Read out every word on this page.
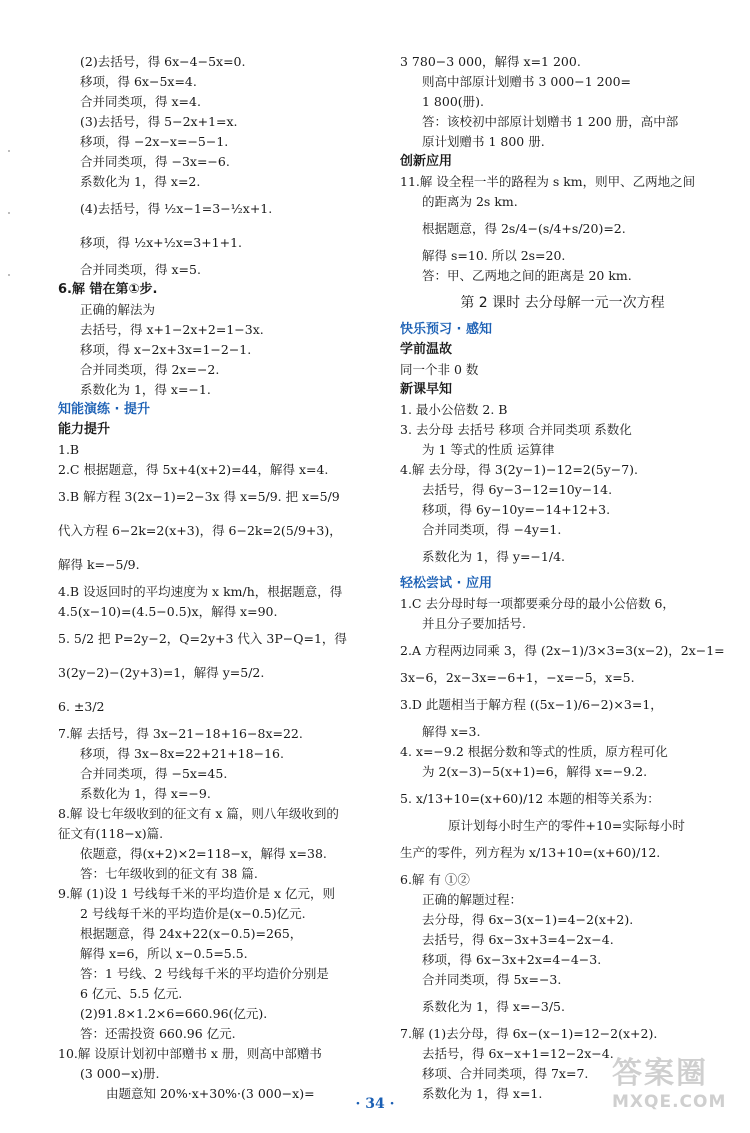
(2)去括号，得 6x−4−5x=0.
移项，得 6x−5x=4.
合并同类项，得 x=4.
(3)去括号，得 5−2x+1=x.
移项，得 −2x−x=−5−1.
合并同类项，得 −3x=−6.
系数化为 1，得 x=2.
(4)去括号，得 ½x−1=3−½x+1.
移项，得 ½x+½x=3+1+1.
合并同类项，得 x=5.
6.解 错在第①步.
正确的解法为
去括号，得 x+1−2x+2=1−3x.
移项，得 x−2x+3x=1−2−1.
合并同类项，得 2x=−2.
系数化为 1，得 x=−1.
知能演练 · 提升
能力提升
1.B
2.C 根据题意，得 5x+4(x+2)=44，解得 x=4.
3.B 解方程 3(2x−1)=2−3x 得 x=5/9. 把 x=5/9
代入方程 6−2k=2(x+3)，得 6−2k=2(5/9+3)，
解得 k=−5/9.
4.B 设返回时的平均速度为 x km/h，根据题意，得
4.5(x−10)=(4.5−0.5)x，解得 x=90.
5. 5/2 把 P=2y−2，Q=2y+3 代入 3P−Q=1，得
3(2y−2)−(2y+3)=1，解得 y=5/2.
6. ±3/2
7.解 去括号，得 3x−21−18+16−8x=22.
移项，得 3x−8x=22+21+18−16.
合并同类项，得 −5x=45.
系数化为 1，得 x=−9.
8.解 设七年级收到的征文有 x 篇，则八年级收到的
征文有(118−x)篇.
依题意，得(x+2)×2=118−x，解得 x=38.
答：七年级收到的征文有 38 篇.
9.解 (1)设 1 号线每千米的平均造价是 x 亿元，则
2 号线每千米的平均造价是(x−0.5)亿元.
根据题意，得 24x+22(x−0.5)=265，
解得 x=6，所以 x−0.5=5.5.
答：1 号线、2 号线每千米的平均造价分别是
6 亿元、5.5 亿元.
(2)91.8×1.2×6=660.96(亿元).
答：还需投资 660.96 亿元.
10.解 设原计划初中部赠书 x 册，则高中部赠书
(3 000−x)册.
由题意知 20%·x+30%·(3 000−x)=
3 780−3 000，解得 x=1 200.
则高中部原计划赠书 3 000−1 200=
1 800(册).
答：该校初中部原计划赠书 1 200 册，高中部
原计划赠书 1 800 册.
创新应用
11.解 设全程一半的路程为 s km，则甲、乙两地之间
的距离为 2s km.
根据题意，得 2s/4−(s/4+s/20)=2.
解得 s=10. 所以 2s=20.
答：甲、乙两地之间的距离是 20 km.
第 2 课时 去分母解一元一次方程
快乐预习 · 感知
学前温故
同一个非 0 数
新课早知
1. 最小公倍数 2. B
3. 去分母 去括号 移项 合并同类项 系数化
为 1 等式的性质 运算律
4.解 去分母，得 3(2y−1)−12=2(5y−7).
去括号，得 6y−3−12=10y−14.
移项，得 6y−10y=−14+12+3.
合并同类项，得 −4y=1.
系数化为 1，得 y=−1/4.
轻松尝试 · 应用
1.C 去分母时每一项都要乘分母的最小公倍数 6，
并且分子要加括号.
2.A 方程两边同乘 3，得 (2x−1)/3×3=3(x−2)，2x−1=
3x−6，2x−3x=−6+1，−x=−5，x=5.
3.D 此题相当于解方程 ((5x−1)/6−2)×3=1，
解得 x=3.
4. x=−9.2 根据分数和等式的性质，原方程可化
为 2(x−3)−5(x+1)=6，解得 x=−9.2.
5. x/13+10=(x+60)/12 本题的相等关系为：
原计划每小时生产的零件+10=实际每小时
生产的零件，列方程为 x/13+10=(x+60)/12.
6.解 有 ①②
正确的解题过程：
去分母，得 6x−3(x−1)=4−2(x+2).
去括号，得 6x−3x+3=4−2x−4.
移项，得 6x−3x+2x=4−4−3.
合并同类项，得 5x=−3.
系数化为 1，得 x=−3/5.
7.解 (1)去分母，得 6x−(x−1)=12−2(x+2).
去括号，得 6x−x+1=12−2x−4.
移项、合并同类项，得 7x=7.
系数化为 1，得 x=1.
· 34 ·
答案圈
MXQE.COM
